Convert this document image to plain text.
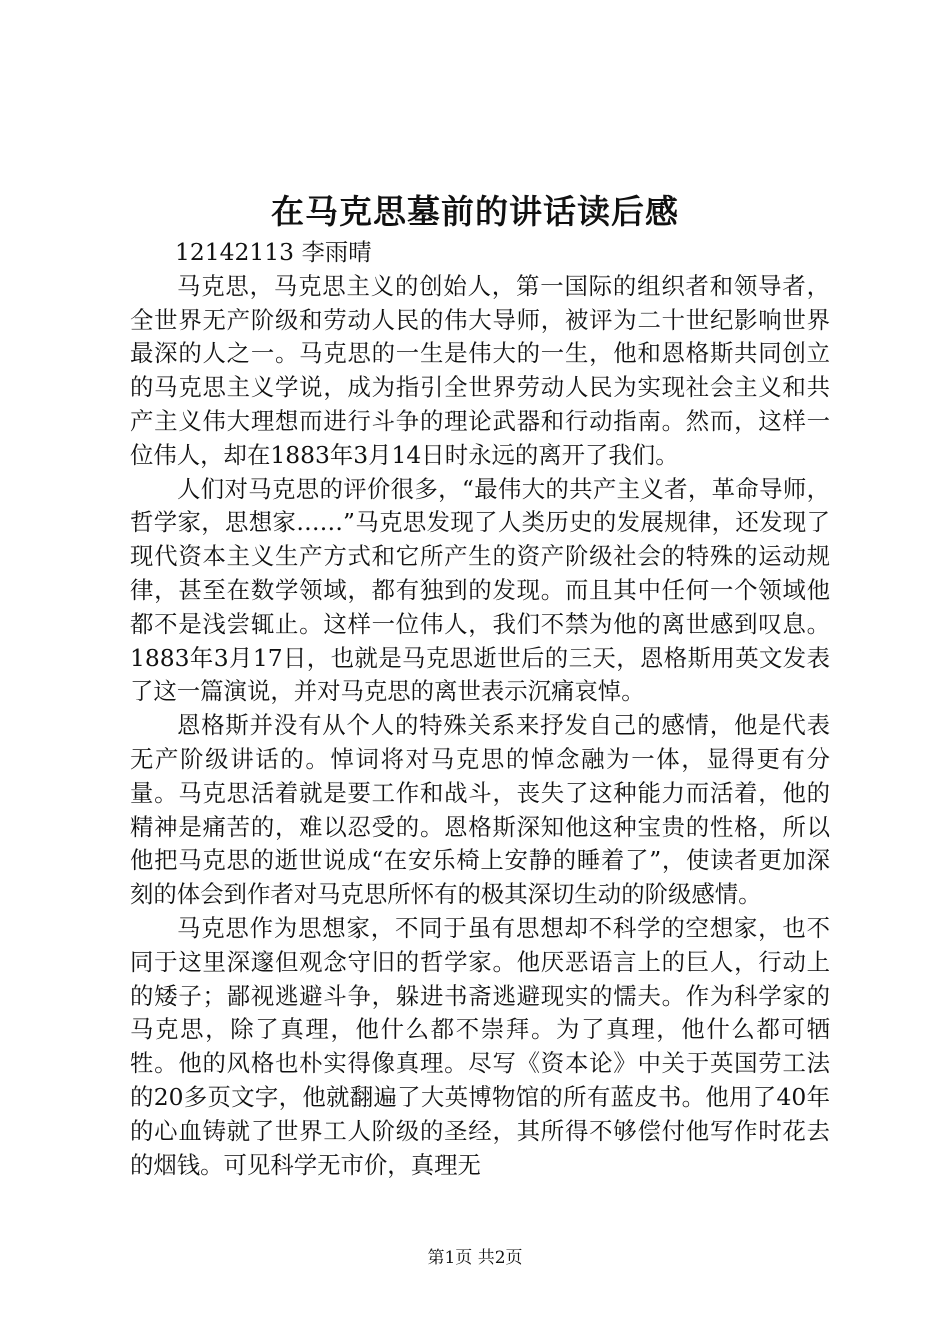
在马克思墓前的讲话读后感

12142113 李雨晴

马克思，马克思主义的创始人，第一国际的组织者和领导者，全世界无产阶级和劳动人民的伟大导师，被评为二十世纪影响世界最深的人之一。马克思的一生是伟大的一生，他和恩格斯共同创立的马克思主义学说，成为指引全世界劳动人民为实现社会主义和共产主义伟大理想而进行斗争的理论武器和行动指南。然而，这样一位伟人，却在1883年3月14日时永远的离开了我们。

人们对马克思的评价很多，“最伟大的共产主义者，革命导师，哲学家，思想家……”马克思发现了人类历史的发展规律，还发现了现代资本主义生产方式和它所产生的资产阶级社会的特殊的运动规律，甚至在数学领域，都有独到的发现。而且其中任何一个领域他都不是浅尝辄止。这样一位伟人，我们不禁为他的离世感到叹息。1883年3月17日，也就是马克思逝世后的三天，恩格斯用英文发表了这一篇演说，并对马克思的离世表示沉痛哀悼。

恩格斯并没有从个人的特殊关系来抒发自己的感情，他是代表无产阶级讲话的。悼词将对马克思的悼念融为一体，显得更有分量。马克思活着就是要工作和战斗，丧失了这种能力而活着，他的精神是痛苦的，难以忍受的。恩格斯深知他这种宝贵的性格，所以他把马克思的逝世说成“在安乐椅上安静的睡着了”，使读者更加深刻的体会到作者对马克思所怀有的极其深切生动的阶级感情。

马克思作为思想家，不同于虽有思想却不科学的空想家，也不同于这里深邃但观念守旧的哲学家。他厌恶语言上的巨人，行动上的矮子；鄙视逃避斗争，躲进书斋逃避现实的懦夫。作为科学家的马克思，除了真理，他什么都不崇拜。为了真理，他什么都可牺牲。他的风格也朴实得像真理。尽写《资本论》中关于英国劳工法的20多页文字，他就翻遍了大英博物馆的所有蓝皮书。他用了40年的心血铸就了世界工人阶级的圣经，其所得不够偿付他写作时花去的烟钱。可见科学无市价，真理无

第1页 共2页
